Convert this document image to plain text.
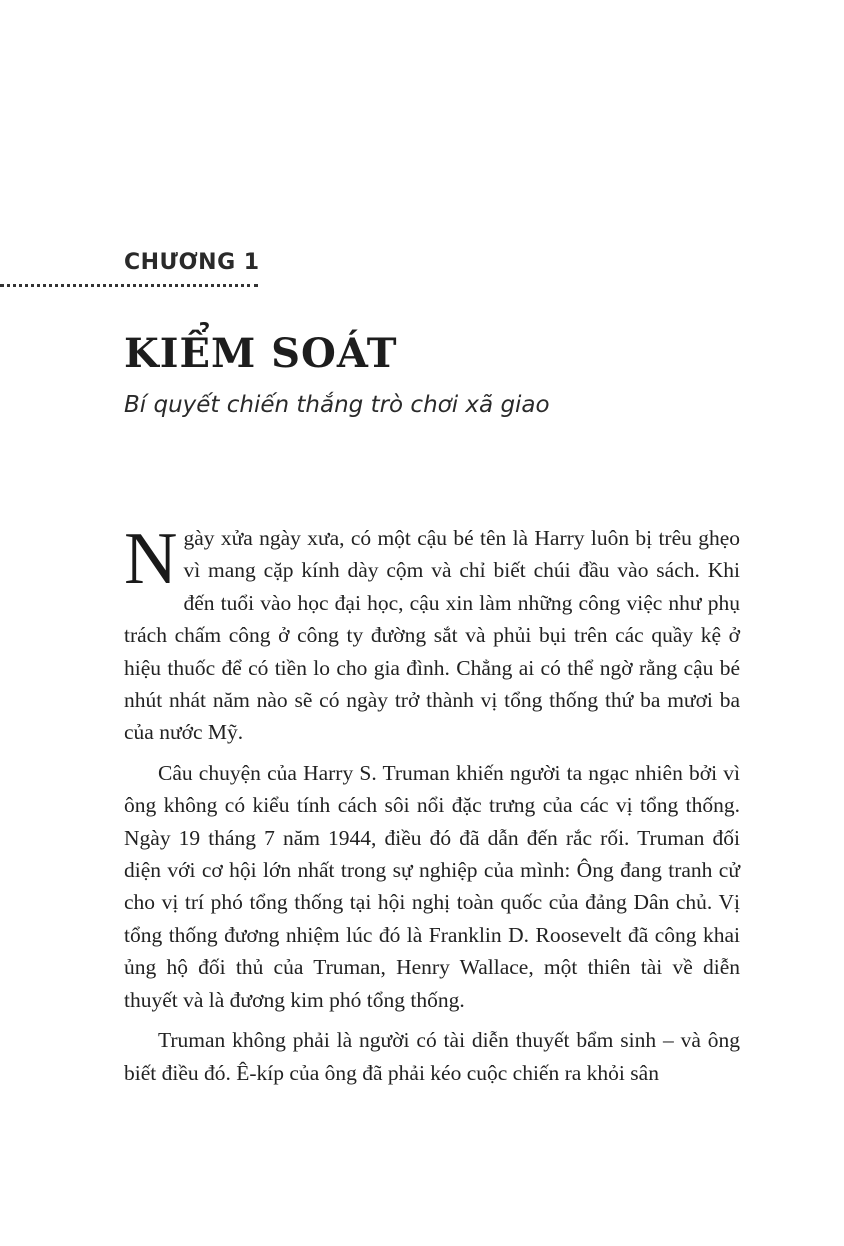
CHƯƠNG 1
KIỂM SOÁT

Bí quyết chiến thắng trò chơi xã giao

Ngày xửa ngày xưa, có một cậu bé tên là Harry luôn bị trêu ghẹo vì mang cặp kính dày cộm và chỉ biết chúi đầu vào sách. Khi đến tuổi vào học đại học, cậu xin làm những công việc như phụ trách chấm công ở công ty đường sắt và phủi bụi trên các quầy kệ ở hiệu thuốc để có tiền lo cho gia đình. Chẳng ai có thể ngờ rằng cậu bé nhút nhát năm nào sẽ có ngày trở thành vị tổng thống thứ ba mươi ba của nước Mỹ.

Câu chuyện của Harry S. Truman khiến người ta ngạc nhiên bởi vì ông không có kiểu tính cách sôi nổi đặc trưng của các vị tổng thống. Ngày 19 tháng 7 năm 1944, điều đó đã dẫn đến rắc rối. Truman đối diện với cơ hội lớn nhất trong sự nghiệp của mình: Ông đang tranh cử cho vị trí phó tổng thống tại hội nghị toàn quốc của đảng Dân chủ. Vị tổng thống đương nhiệm lúc đó là Franklin D. Roosevelt đã công khai ủng hộ đối thủ của Truman, Henry Wallace, một thiên tài về diễn thuyết và là đương kim phó tổng thống.

Truman không phải là người có tài diễn thuyết bẩm sinh – và ông biết điều đó. Ê-kíp của ông đã phải kéo cuộc chiến ra khỏi sân
